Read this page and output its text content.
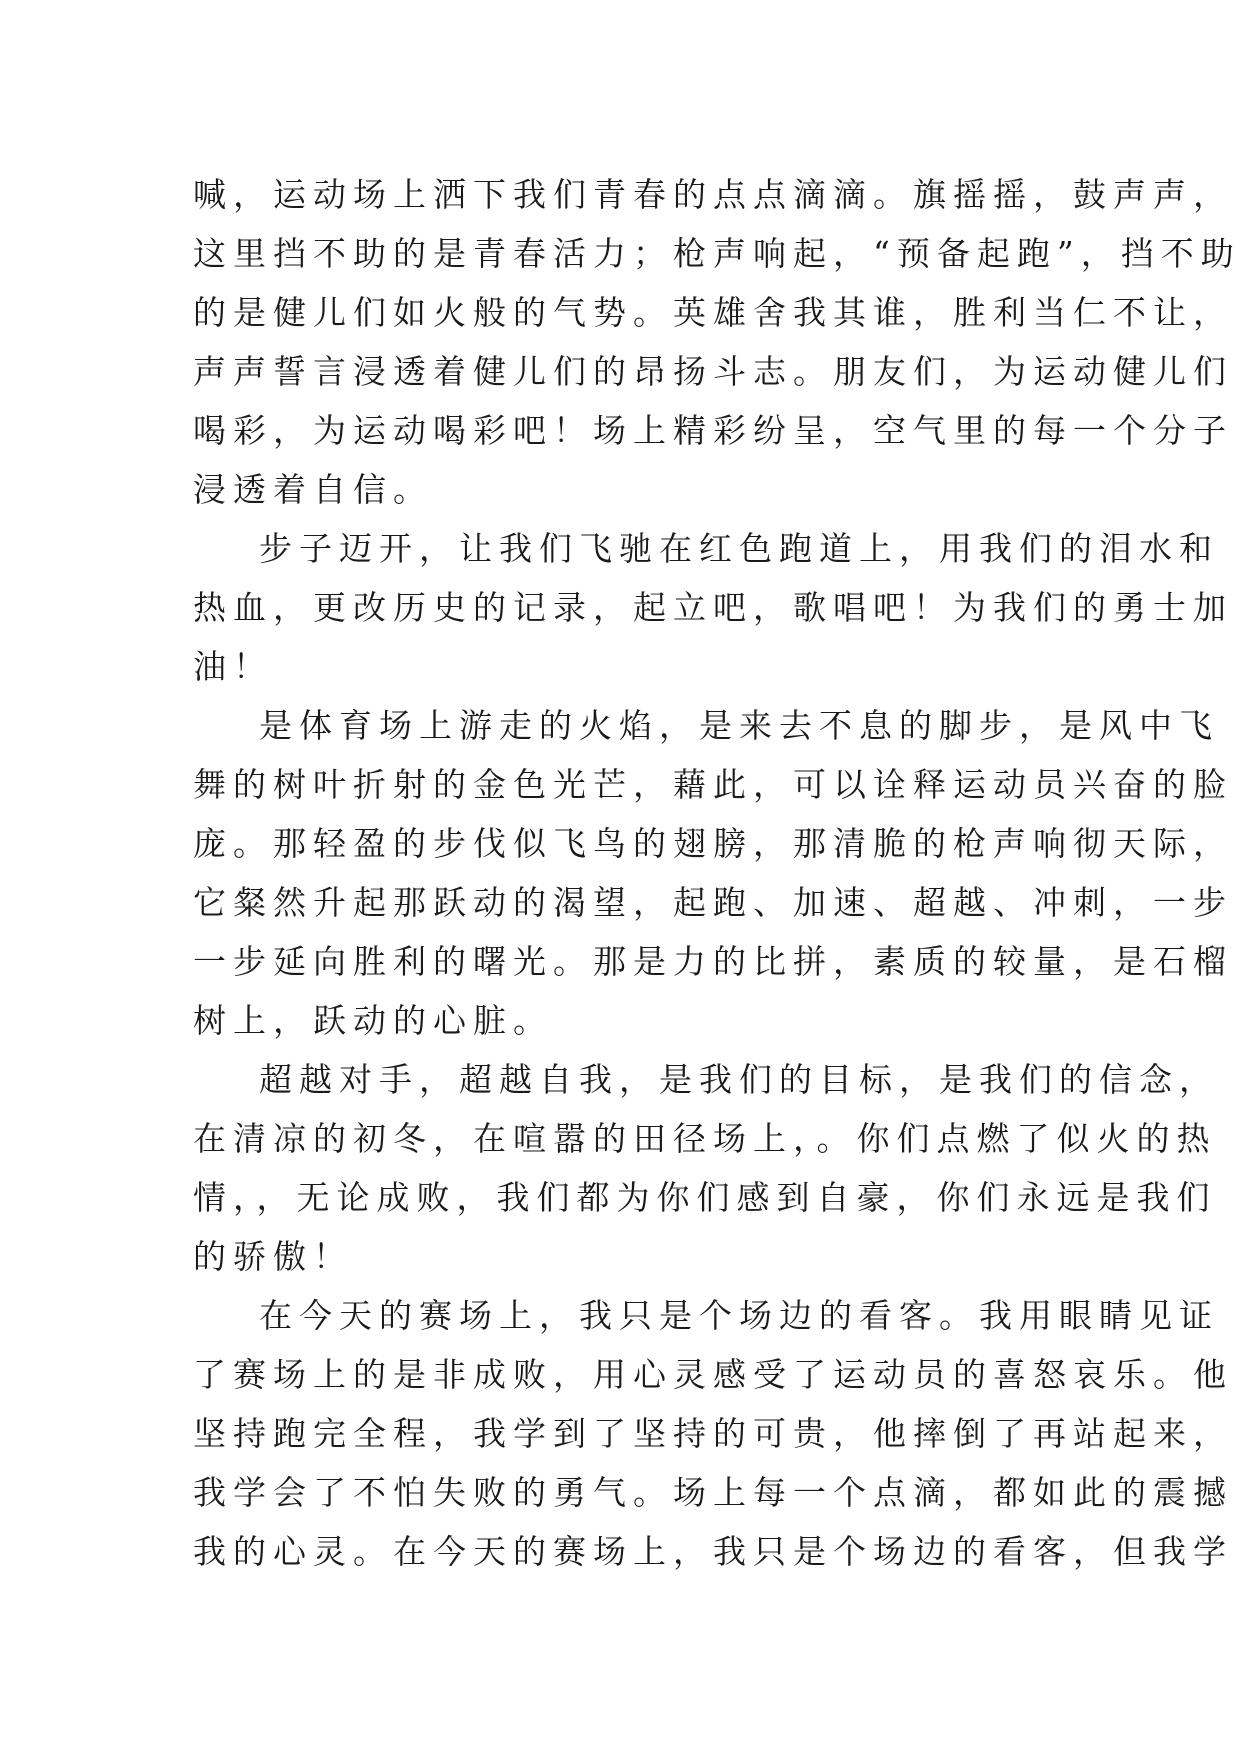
喊，运动场上洒下我们青春的点点滴滴。旗摇摇，鼓声声，
这里挡不助的是青春活力；枪声响起，“预备起跑”，挡不助
的是健儿们如火般的气势。英雄舍我其谁，胜利当仁不让，
声声誓言浸透着健儿们的昂扬斗志。朋友们，为运动健儿们
喝彩，为运动喝彩吧！场上精彩纷呈，空气里的每一个分子
浸透着自信。
步子迈开，让我们飞驰在红色跑道上，用我们的泪水和
热血，更改历史的记录，起立吧，歌唱吧！为我们的勇士加
油！
是体育场上游走的火焰，是来去不息的脚步，是风中飞
舞的树叶折射的金色光芒，藉此，可以诠释运动员兴奋的脸
庞。那轻盈的步伐似飞鸟的翅膀，那清脆的枪声响彻天际，
它粲然升起那跃动的渴望，起跑、加速、超越、冲刺，一步
一步延向胜利的曙光。那是力的比拼，素质的较量，是石榴
树上，跃动的心脏。
超越对手，超越自我，是我们的目标，是我们的信念，
在清凉的初冬，在喧嚣的田径场上，。你们点燃了似火的热
情，，无论成败，我们都为你们感到自豪，你们永远是我们
的骄傲！
在今天的赛场上，我只是个场边的看客。我用眼睛见证
了赛场上的是非成败，用心灵感受了运动员的喜怒哀乐。他
坚持跑完全程，我学到了坚持的可贵，他摔倒了再站起来，
我学会了不怕失败的勇气。场上每一个点滴，都如此的震撼
我的心灵。在今天的赛场上，我只是个场边的看客，但我学
